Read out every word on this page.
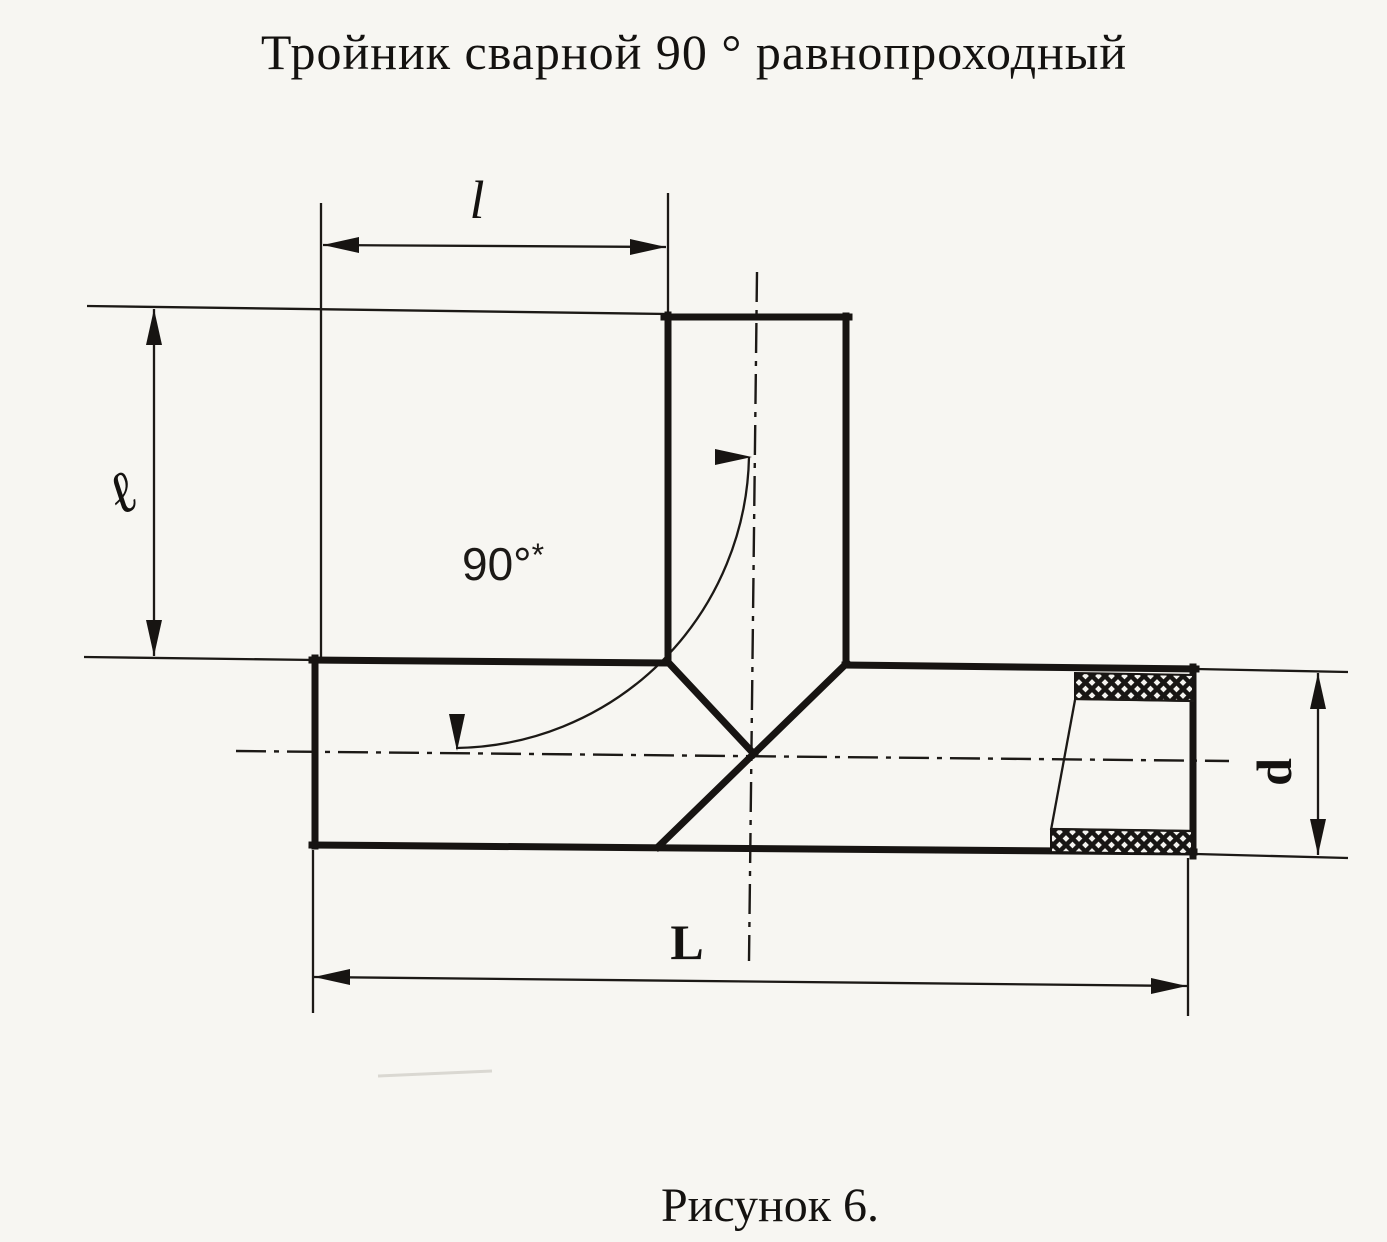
Тройник сварной 90 ° равнопроходный
l
ℓ
90°*
L
d
Рисунок 6.
